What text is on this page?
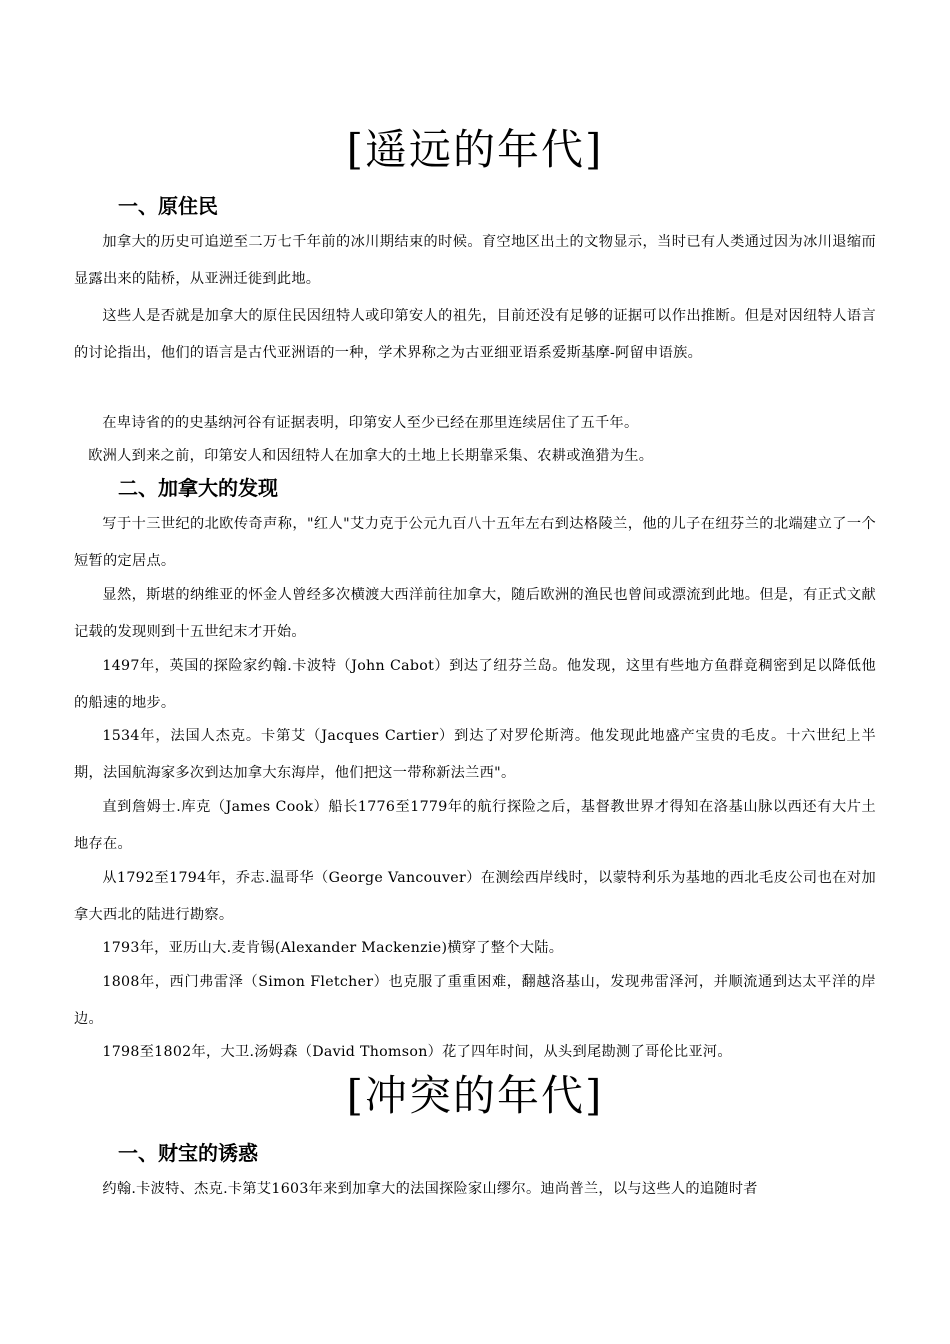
[遥远的年代]
一、原住民
加拿大的历史可追逆至二万七千年前的冰川期结束的时候。育空地区出土的文物显示，当时已有人类通过因为冰川退缩而显露出来的陆桥，从亚洲迁徙到此地。
这些人是否就是加拿大的原住民因纽特人或印第安人的祖先，目前还没有足够的证据可以作出推断。但是对因纽特人语言的讨论指出，他们的语言是古代亚洲语的一种，学术界称之为古亚细亚语系爱斯基摩-阿留申语族。
在卑诗省的的史基纳河谷有证据表明，印第安人至少已经在那里连续居住了五千年。
欧洲人到来之前，印第安人和因纽特人在加拿大的土地上长期靠采集、农耕或渔猎为生。
二、加拿大的发现
写于十三世纪的北欧传奇声称，"红人"艾力克于公元九百八十五年左右到达格陵兰，他的儿子在纽芬兰的北端建立了一个短暂的定居点。
显然，斯堪的纳维亚的怀金人曾经多次横渡大西洋前往加拿大，随后欧洲的渔民也曾间或漂流到此地。但是，有正式文献记载的发现则到十五世纪末才开始。
1497年，英国的探险家约翰.卡波特（John Cabot）到达了纽芬兰岛。他发现，这里有些地方鱼群竟稠密到足以降低他的船速的地步。
1534年，法国人杰克。卡第艾（Jacques Cartier）到达了对罗伦斯湾。他发现此地盛产宝贵的毛皮。十六世纪上半期，法国航海家多次到达加拿大东海岸，他们把这一带称新法兰西"。
直到詹姆士.库克（James Cook）船长1776至1779年的航行探险之后，基督教世界才得知在洛基山脉以西还有大片土地存在。
从1792至1794年，乔志.温哥华（George Vancouver）在测绘西岸线时，以蒙特利乐为基地的西北毛皮公司也在对加拿大西北的陆进行勘察。
1793年，亚历山大.麦肯锡(Alexander Mackenzie)横穿了整个大陆。
1808年，西门弗雷泽（Simon Fletcher）也克服了重重困难，翻越洛基山，发现弗雷泽河，并顺流通到达太平洋的岸边。
1798至1802年，大卫.汤姆森（David Thomson）花了四年时间，从头到尾勘测了哥伦比亚河。
[冲突的年代]
一、财宝的诱惑
约翰.卡波特、杰克.卡第艾1603年来到加拿大的法国探险家山缪尔。迪尚普兰，以与这些人的追随时者
